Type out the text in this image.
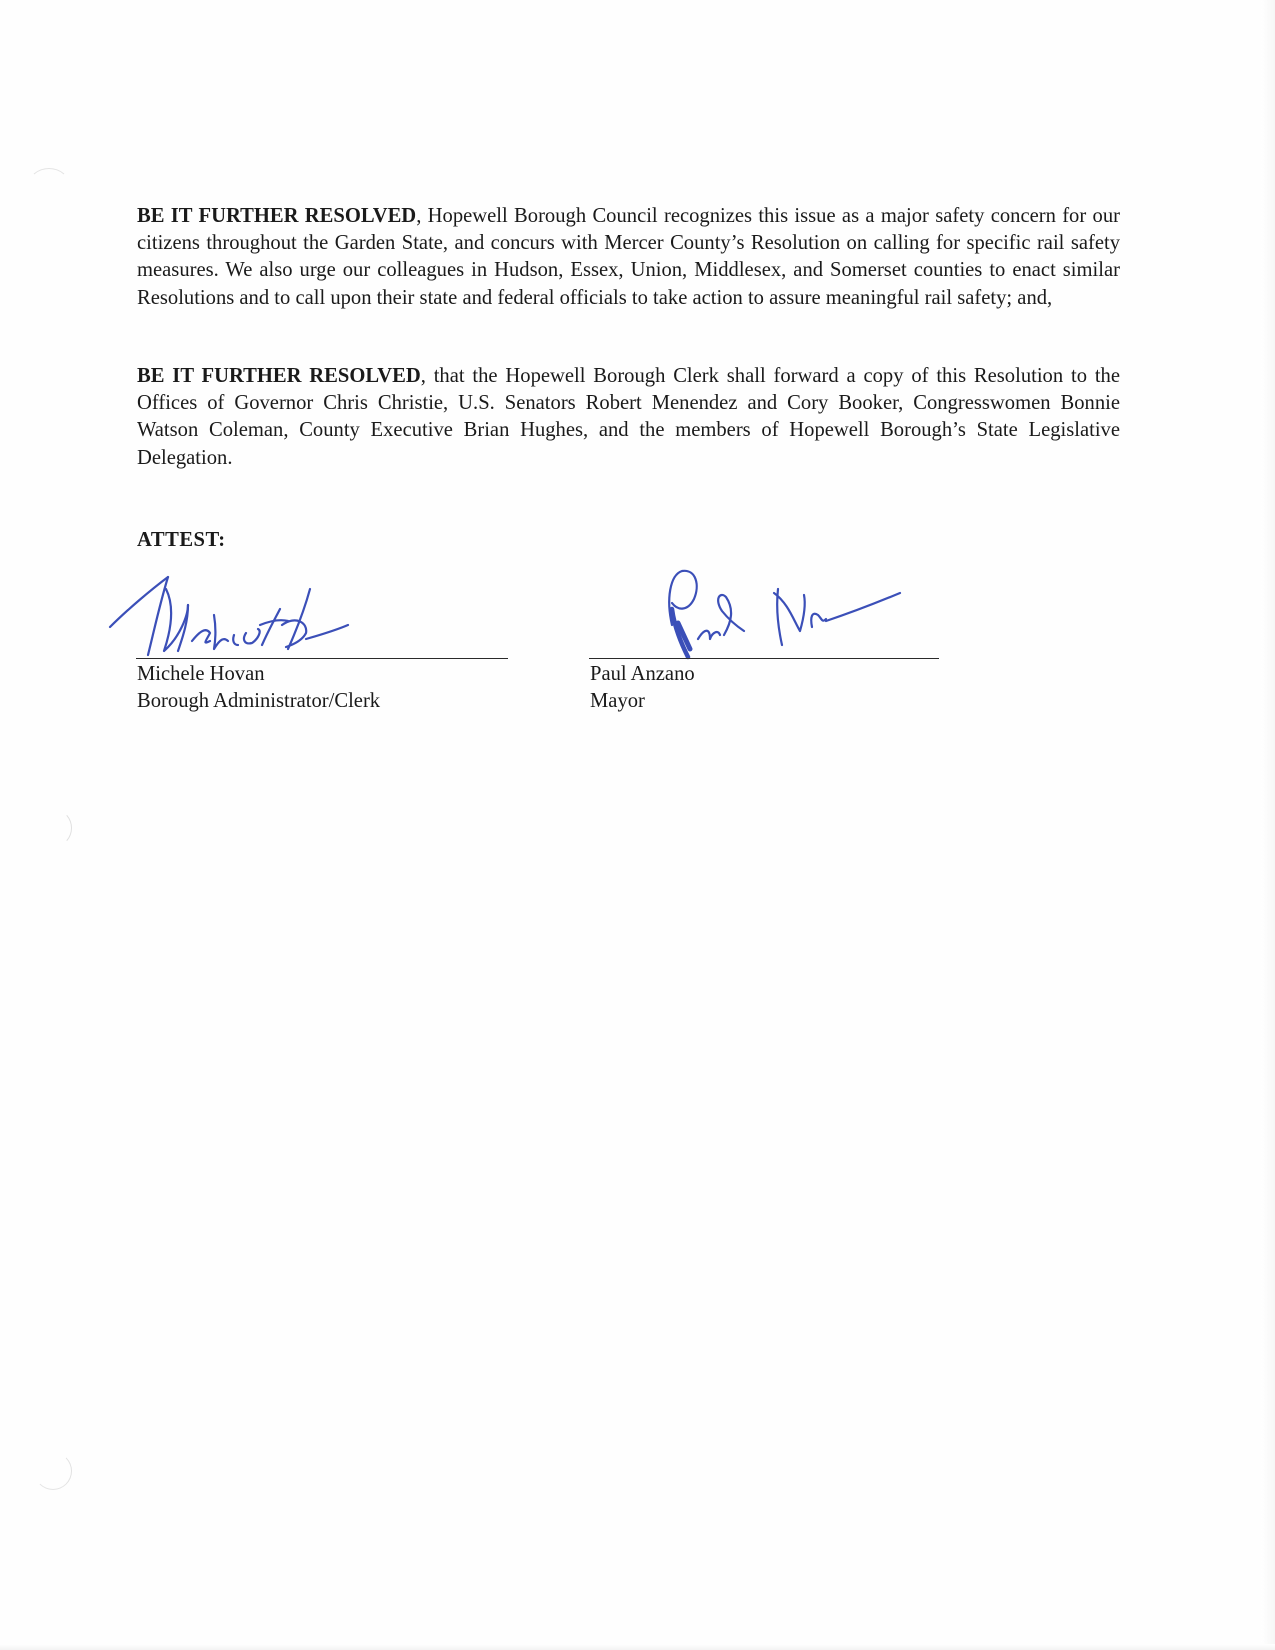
BE IT FURTHER RESOLVED, Hopewell Borough Council recognizes this issue as a major safety concern for our citizens throughout the Garden State, and concurs with Mercer County’s Resolution on calling for specific rail safety measures. We also urge our colleagues in Hudson, Essex, Union, Middlesex, and Somerset counties to enact similar Resolutions and to call upon their state and federal officials to take action to assure meaningful rail safety; and,

BE IT FURTHER RESOLVED, that the Hopewell Borough Clerk shall forward a copy of this Resolution to the Offices of Governor Chris Christie, U.S. Senators Robert Menendez and Cory Booker, Congresswomen Bonnie Watson Coleman, County Executive Brian Hughes, and the members of Hopewell Borough’s State Legislative Delegation.

ATTEST:

Michele Hovan

Borough Administrator/Clerk

Paul Anzano

Mayor
